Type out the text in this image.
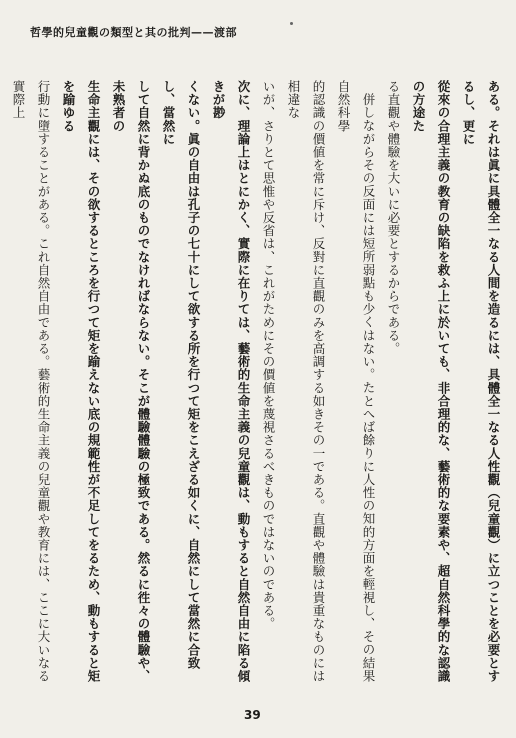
哲學的兒童觀の類型と其の批判——渡部

ある。それは眞に具體全一なる人間を造るには、具體全一なる人性觀（兒童觀）に立つことを必要とするし、更に

從來の合理主義の教育の缺陷を救ふ上に於いても、非合理的な、藝術的な要素や、超自然科學的な認識の方途た

る直觀や體驗を大いに必要とするからである。

併しながらその反面には短所弱點も少くはない。たとへば餘りに人性の知的方面を輕視し、その結果自然科學

的認識の價値を常に斥け、反對に直觀のみを高調する如きその一である。直觀や體驗は貴重なものには相違な

いが、さりとて思惟や反省は、これがためにその價値を蔑視さるべきものではないのである。

次に、理論上はとにかく、實際に在りては、藝術的生命主義の兒童觀は、動もすると自然自由に陷る傾きが尠

くない。眞の自由は孔子の七十にして欲する所を行つて矩をこえざる如くに、自然にして當然に合致し、當然に

して自然に背かぬ底のものでなければならない。そこが體驗體驗の極致である。然るに徃々の體驗や、未熟者の

生命主觀には、その欲するところを行つて矩を踰えない底の規範性が不足してをるため、動もすると矩を踰ゆる

行動に墮することがある。これ自然自由である。藝術的生命主義の兒童觀や教育には、ここに大いなる實際上

39
